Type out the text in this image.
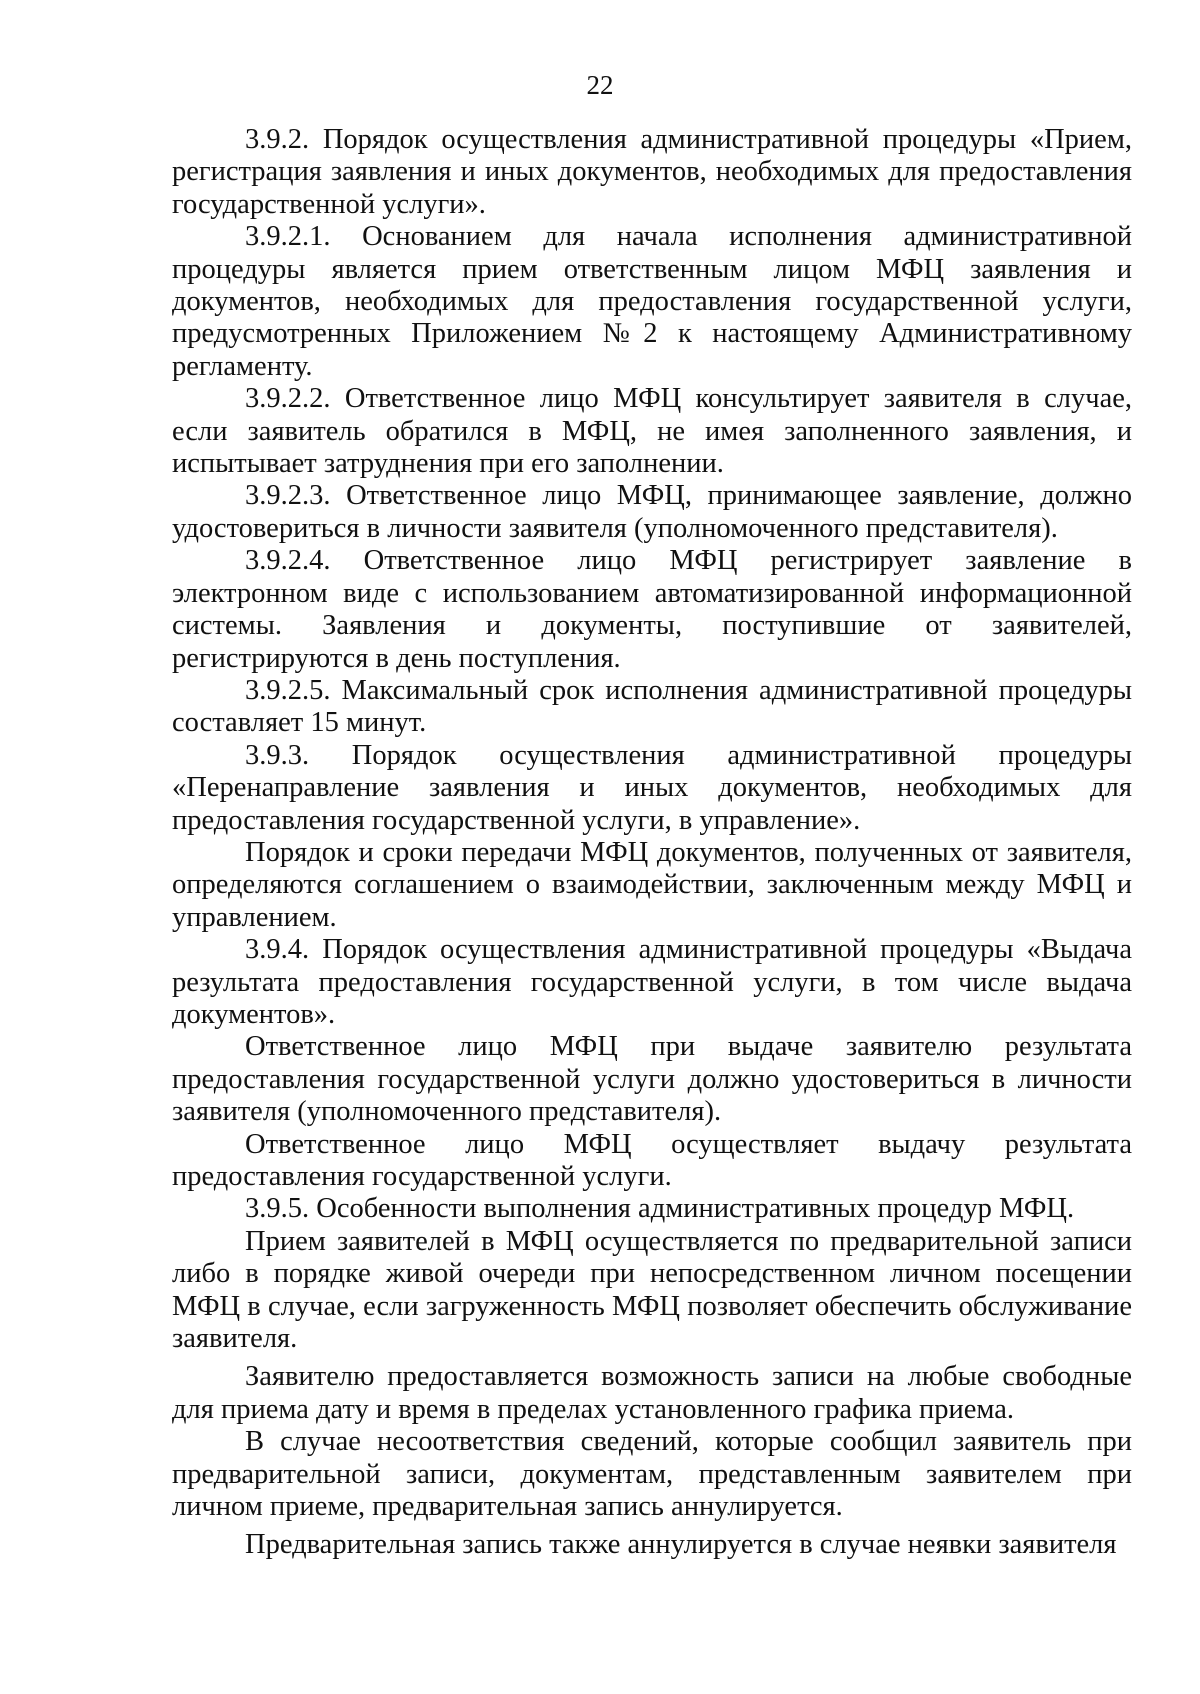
22

3.9.2. Порядок осуществления административной процедуры «Прием, регистрация заявления и иных документов, необходимых для предоставления государственной услуги».

3.9.2.1. Основанием для начала исполнения административной процедуры является прием ответственным лицом МФЦ заявления и документов, необходимых для предоставления государственной услуги, предусмотренных Приложением №2 к настоящему Административному регламенту.

3.9.2.2. Ответственное лицо МФЦ консультирует заявителя в случае, если заявитель обратился в МФЦ, не имея заполненного заявления, и испытывает затруднения при его заполнении.

3.9.2.3. Ответственное лицо МФЦ, принимающее заявление, должно удостовериться в личности заявителя (уполномоченного представителя).

3.9.2.4. Ответственное лицо МФЦ регистрирует заявление в электронном виде с использованием автоматизированной информационной системы. Заявления и документы, поступившие от заявителей, регистрируются в день поступления.

3.9.2.5. Максимальный срок исполнения административной процедуры составляет 15 минут.

3.9.3. Порядок осуществления административной процедуры «Перенаправление заявления и иных документов, необходимых для предоставления государственной услуги, в управление».

Порядок и сроки передачи МФЦ документов, полученных от заявителя, определяются соглашением о взаимодействии, заключенным между МФЦ и управлением.

3.9.4. Порядок осуществления административной процедуры «Выдача результата предоставления государственной услуги, в том числе выдача документов».

Ответственное лицо МФЦ при выдаче заявителю результата предоставления государственной услуги должно удостовериться в личности заявителя (уполномоченного представителя).

Ответственное лицо МФЦ осуществляет выдачу результата предоставления государственной услуги.

3.9.5. Особенности выполнения административных процедур МФЦ.

Прием заявителей в МФЦ осуществляется по предварительной записи либо в порядке живой очереди при непосредственном личном посещении МФЦ в случае, если загруженность МФЦ позволяет обеспечить обслуживание заявителя.

Заявителю предоставляется возможность записи на любые свободные для приема дату и время в пределах установленного графика приема.

В случае несоответствия сведений, которые сообщил заявитель при предварительной записи, документам, представленным заявителем при личном приеме, предварительная запись аннулируется.

Предварительная запись также аннулируется в случае неявки заявителя
